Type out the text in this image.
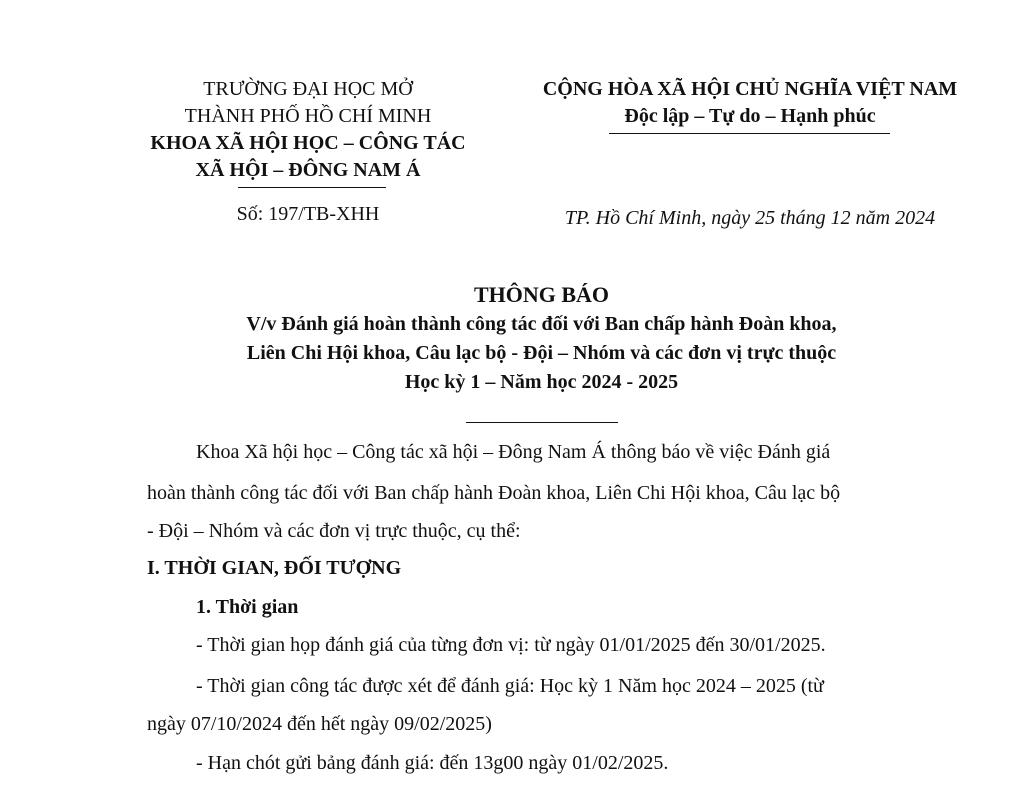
TRƯỜNG ĐẠI HỌC MỞ
THÀNH PHỐ HỒ CHÍ MINH
KHOA XÃ HỘI HỌC – CÔNG TÁC
XÃ HỘI – ĐÔNG NAM Á
CỘNG HÒA XÃ HỘI CHỦ NGHĨA VIỆT NAM
Độc lập – Tự do – Hạnh phúc
Số: 197/TB-XHH	TP. Hồ Chí Minh, ngày 25 tháng 12 năm 2024
THÔNG BÁO
V/v Đánh giá hoàn thành công tác đối với Ban chấp hành Đoàn khoa,
Liên Chi Hội khoa, Câu lạc bộ - Đội – Nhóm và các đơn vị trực thuộc
Học kỳ 1 – Năm học 2024 - 2025
Khoa Xã hội học – Công tác xã hội – Đông Nam Á thông báo về việc Đánh giá
hoàn thành công tác đối với Ban chấp hành Đoàn khoa, Liên Chi Hội khoa, Câu lạc bộ
- Đội – Nhóm và các đơn vị trực thuộc, cụ thể:
I. THỜI GIAN, ĐỐI TƯỢNG
1. Thời gian
- Thời gian họp đánh giá của từng đơn vị: từ ngày 01/01/2025 đến 30/01/2025.
- Thời gian công tác được xét để đánh giá: Học kỳ 1 Năm học 2024 – 2025 (từ
ngày 07/10/2024 đến hết ngày 09/02/2025)
- Hạn chót gửi bảng đánh giá: đến 13g00 ngày 01/02/2025.
